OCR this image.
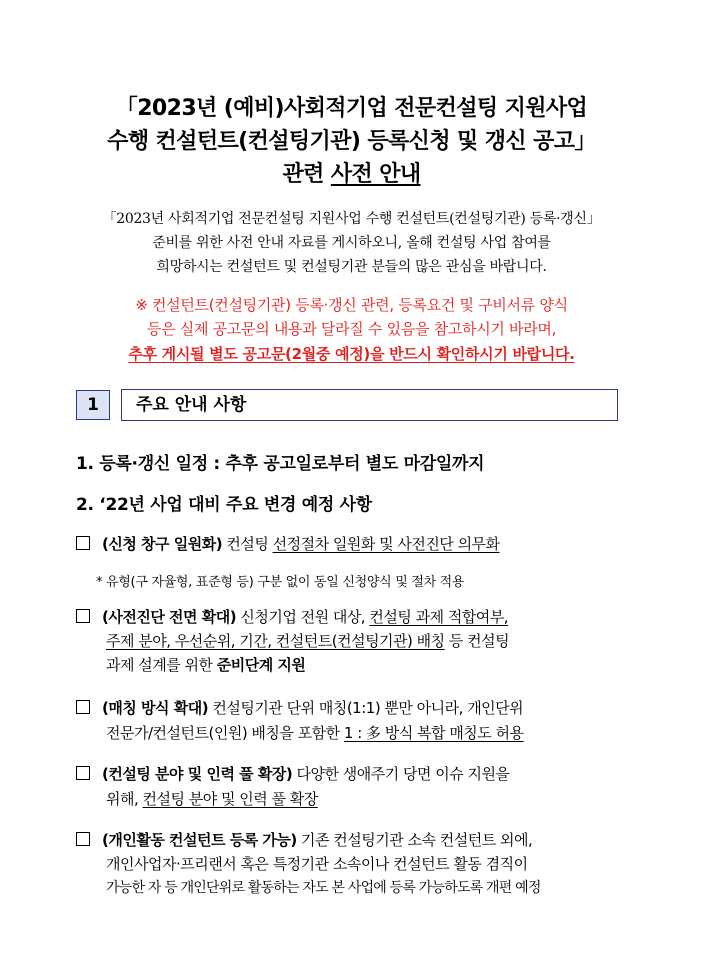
「2023년 (예비)사회적기업 전문컨설팅 지원사업
수행 컨설턴트(컨설팅기관) 등록신청 및 갱신 공고」
관련 사전 안내
「2023년 사회적기업 전문컨설팅 지원사업 수행 컨설턴트(컨설팅기관) 등록·갱신」
준비를 위한 사전 안내 자료를 게시하오니, 올해 컨설팅 사업 참여를
희망하시는 컨설턴트 및 컨설팅기관 분들의 많은 관심을 바랍니다.
※ 컨설턴트(컨설팅기관) 등록·갱신 관련, 등록요건 및 구비서류 양식
등은 실제 공고문의 내용과 달라질 수 있음을 참고하시기 바라며,
추후 게시될 별도 공고문(2월중 예정)을 반드시 확인하시기 바랍니다.
1	주요 안내 사항
1. 등록·갱신 일정 : 추후 공고일로부터 별도 마감일까지
2. ‘22년 사업 대비 주요 변경 예정 사항
(신청 창구 일원화) 컨설팅 선정절차 일원화 및 사전진단 의무화
* 유형(구 자율형, 표준형 등) 구분 없이 동일 신청양식 및 절차 적용
(사전진단 전면 확대) 신청기업 전원 대상, 컨설팅 과제 적합여부,
주제 분야, 우선순위, 기간, 컨설턴트(컨설팅기관) 배칭 등 컨설팅
과제 설계를 위한 준비단계 지원
(매칭 방식 확대) 컨설팅기관 단위 매칭(1:1) 뿐만 아니라, 개인단위
전문가/컨설턴트(인원) 배칭을 포함한 1 : 多 방식 복합 매칭도 허용
(컨설팅 분야 및 인력 풀 확장) 다양한 생애주기 당면 이슈 지원을
위해, 컨설팅 분야 및 인력 풀 확장
(개인활동 컨설턴트 등록 가능) 기존 컨설팅기관 소속 컨설턴트 외에,
개인사업자·프리랜서 혹은 특정기관 소속이나 컨설턴트 활동 겸직이
가능한 자 등 개인단위로 활동하는 자도 본 사업에 등록 가능하도록 개편 예정
